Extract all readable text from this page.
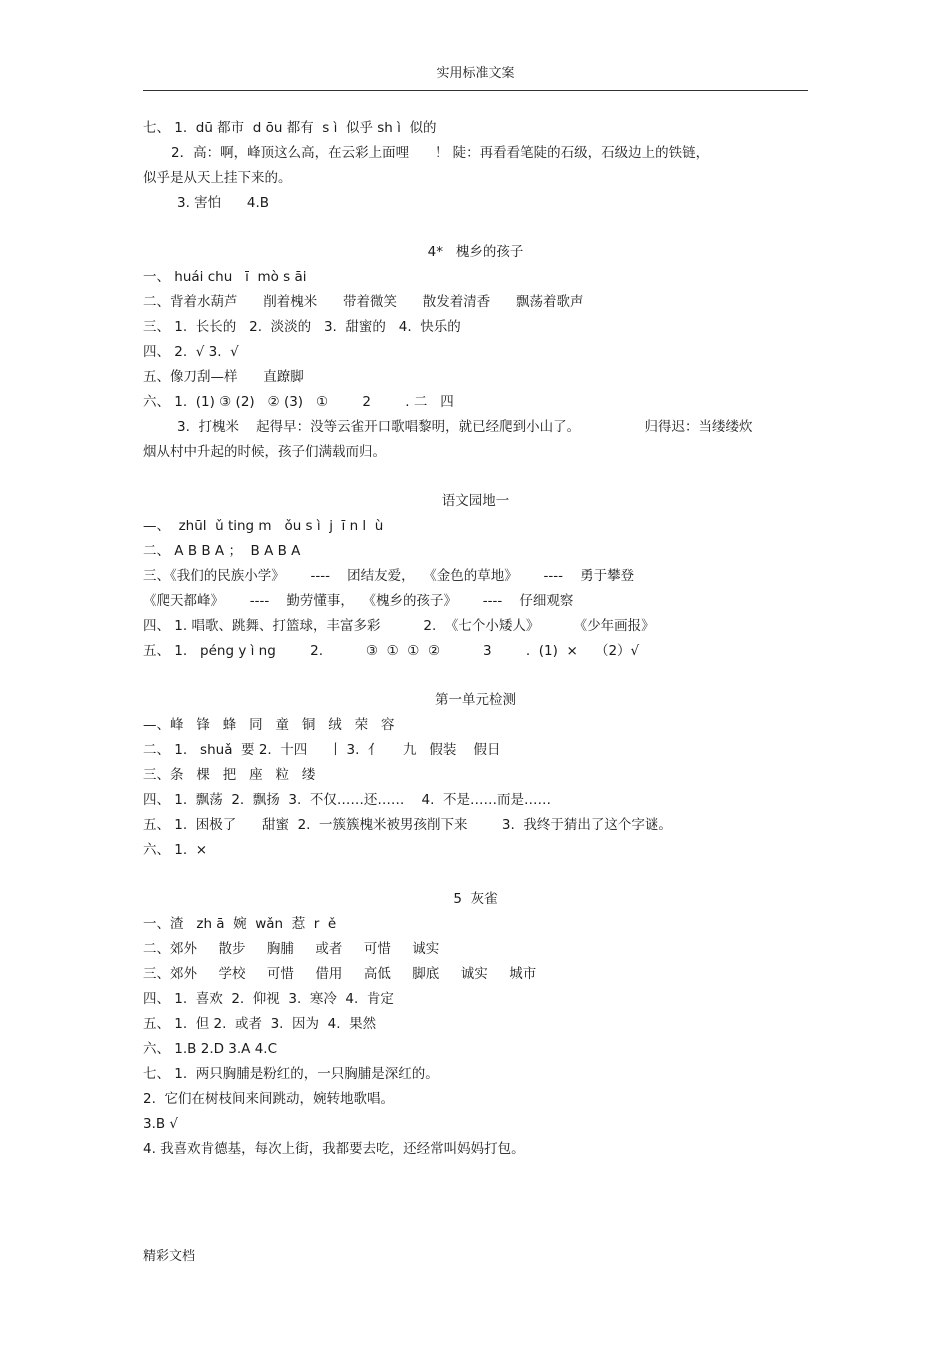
实用标准文案
七、 1.  dū 都市  d ōu 都有  s ì  似乎 sh ì  似的
2．高：啊，峰顶这么高，在云彩上面哩      ！ 陡：再看看笔陡的石级，石级边上的铁链，
似乎是从天上挂下来的。
3. 害怕      4.B
4*   槐乡的孩子
一、 huái chu   ī  mò s āi
二、背着水葫芦      削着槐米      带着微笑      散发着清香      飘荡着歌声
三、 1.  长长的   2.  淡淡的   3.  甜蜜的   4.  快乐的
四、 2.  √ 3.  √
五、像刀刮—样      直蹽脚
六、 1.  (1) ③ (2)   ② (3)   ①        2        . 二   四
3.  打槐米    起得早：没等云雀开口歌唱黎明，就已经爬到小山了。               归得迟：当缕缕炊
烟从村中升起的时候，孩子们满载而归。
语文园地一
—、  zhūl  ǔ ting m   ǒu s ì  j  ī n l  ù
二、 A B B A ；  B A B A
三、《我们的民族小学》      ----    团结友爱，  《金色的草地》      ----    勇于攀登
《爬天都峰》      ----    勤劳懂事，  《槐乡的孩子》      ----    仔细观察
四、 1. 唱歌、跳舞、打篮球，丰富多彩          2.  《七个小矮人》        《少年画报》
五、 1.   péng y ì ng        2.          ③  ①  ①  ②          3        .  (1)  ×    （2）√
第一单元检测
—、峰   锋   蜂   同   童   铜   绒   荣   容
二、 1.   shuǎ  要 2.  十四     丨 3.  亻     九   假装    假日
三、条   棵   把   座   粒   缕
四、 1.  飘荡  2.  飘扬  3.  不仅……还……    4.  不是……而是……
五、 1.  困极了      甜蜜  2.  一簇簇槐米被男孩削下来        3.  我终于猜出了这个字谜。
六、 1.  ×
5  灰雀
一、渣   zh ā  婉  wǎn  惹  r  ě
二、郊外     散步     胸脯     或者     可惜     诚实
三、郊外     学校     可惜     借用     高低     脚底     诚实     城市
四、 1.  喜欢  2.  仰视  3.  寒冷  4.  肯定
五、 1.  但 2.  或者  3.  因为  4.  果然
六、 1.B 2.D 3.A 4.C
七、 1.  两只胸脯是粉红的，一只胸脯是深红的。
2.  它们在树枝间来间跳动，婉转地歌唱。
3.B √
4. 我喜欢肯德基，每次上街，我都要去吃，还经常叫妈妈打包。
精彩文档
